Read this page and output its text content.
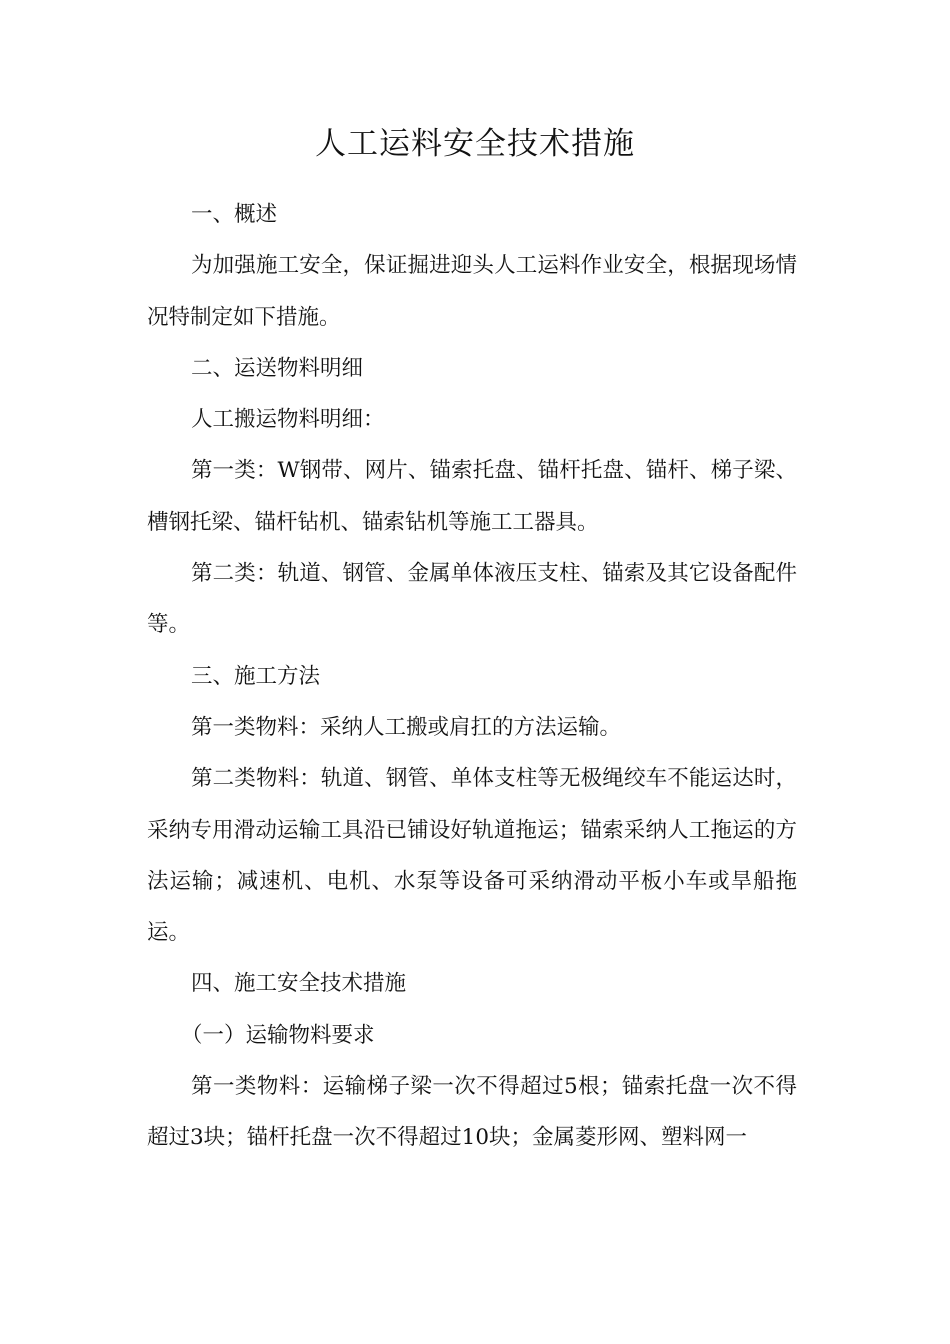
人工运料安全技术措施

一、概述

为加强施工安全，保证掘进迎头人工运料作业安全，根据现场情况特制定如下措施。

二、运送物料明细

人工搬运物料明细：

第一类：W钢带、网片、锚索托盘、锚杆托盘、锚杆、梯子梁、槽钢托梁、锚杆钻机、锚索钻机等施工工器具。

第二类：轨道、钢管、金属单体液压支柱、锚索及其它设备配件等。

三、施工方法

第一类物料：采纳人工搬或肩扛的方法运输。

第二类物料：轨道、钢管、单体支柱等无极绳绞车不能运达时，采纳专用滑动运输工具沿已铺设好轨道拖运；锚索采纳人工拖运的方法运输；减速机、电机、水泵等设备可采纳滑动平板小车或旱船拖运。

四、施工安全技术措施

（一）运输物料要求

第一类物料：运输梯子梁一次不得超过5根；锚索托盘一次不得超过3块；锚杆托盘一次不得超过10块；金属菱形网、塑料网一
